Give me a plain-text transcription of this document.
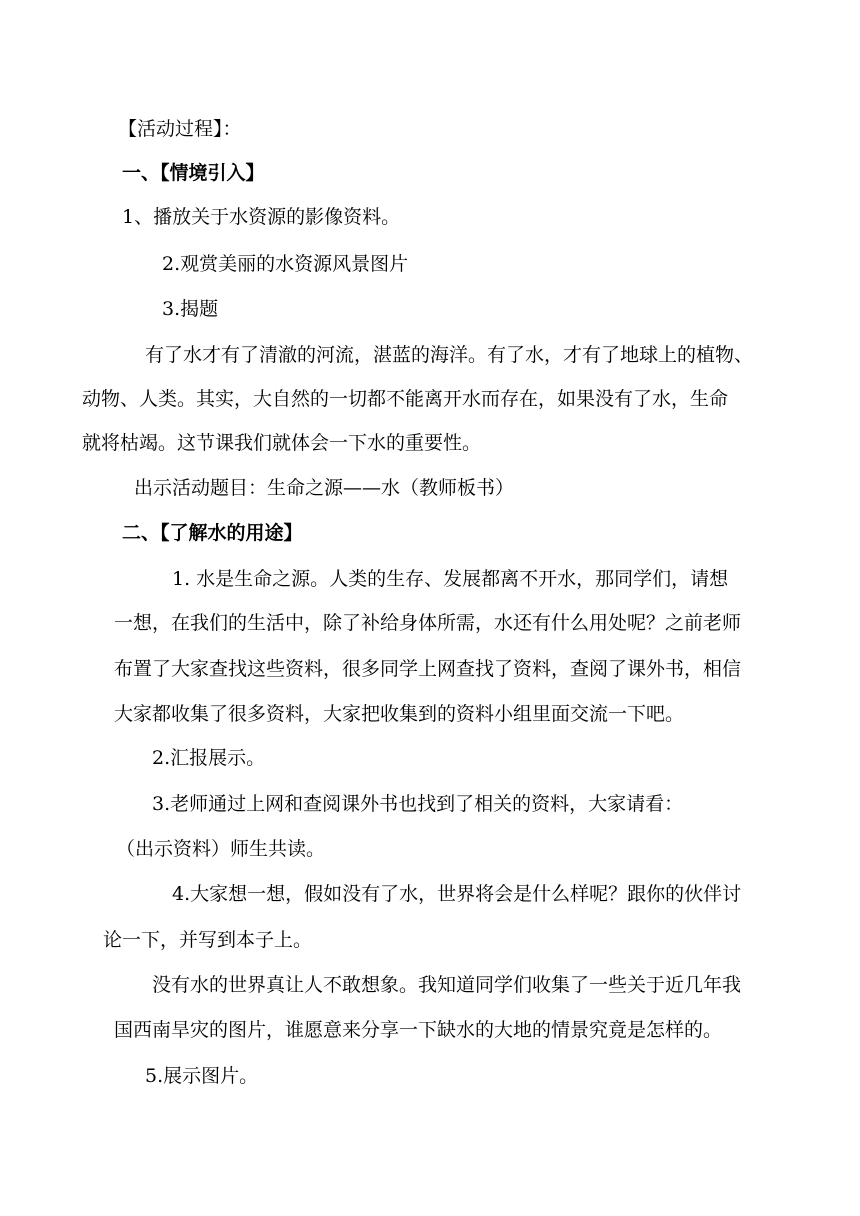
【活动过程】：

一、【情境引入】

1、播放关于水资源的影像资料。

2.观赏美丽的水资源风景图片

3.揭题

有了水才有了清澈的河流，湛蓝的海洋。有了水，才有了地球上的植物、

动物、人类。其实，大自然的一切都不能离开水而存在，如果没有了水，生命

就将枯竭。这节课我们就体会一下水的重要性。

出示活动题目：生命之源——水（教师板书）

二、【了解水的用途】

1. 水是生命之源。人类的生存、发展都离不开水，那同学们，请想

一想，在我们的生活中，除了补给身体所需，水还有什么用处呢？之前老师

布置了大家查找这些资料，很多同学上网查找了资料，查阅了课外书，相信

大家都收集了很多资料，大家把收集到的资料小组里面交流一下吧。

2.汇报展示。

3.老师通过上网和查阅课外书也找到了相关的资料，大家请看：

（出示资料）师生共读。

4.大家想一想，假如没有了水，世界将会是什么样呢？跟你的伙伴讨

论一下，并写到本子上。

没有水的世界真让人不敢想象。我知道同学们收集了一些关于近几年我

国西南旱灾的图片，谁愿意来分享一下缺水的大地的情景究竟是怎样的。

5.展示图片。
